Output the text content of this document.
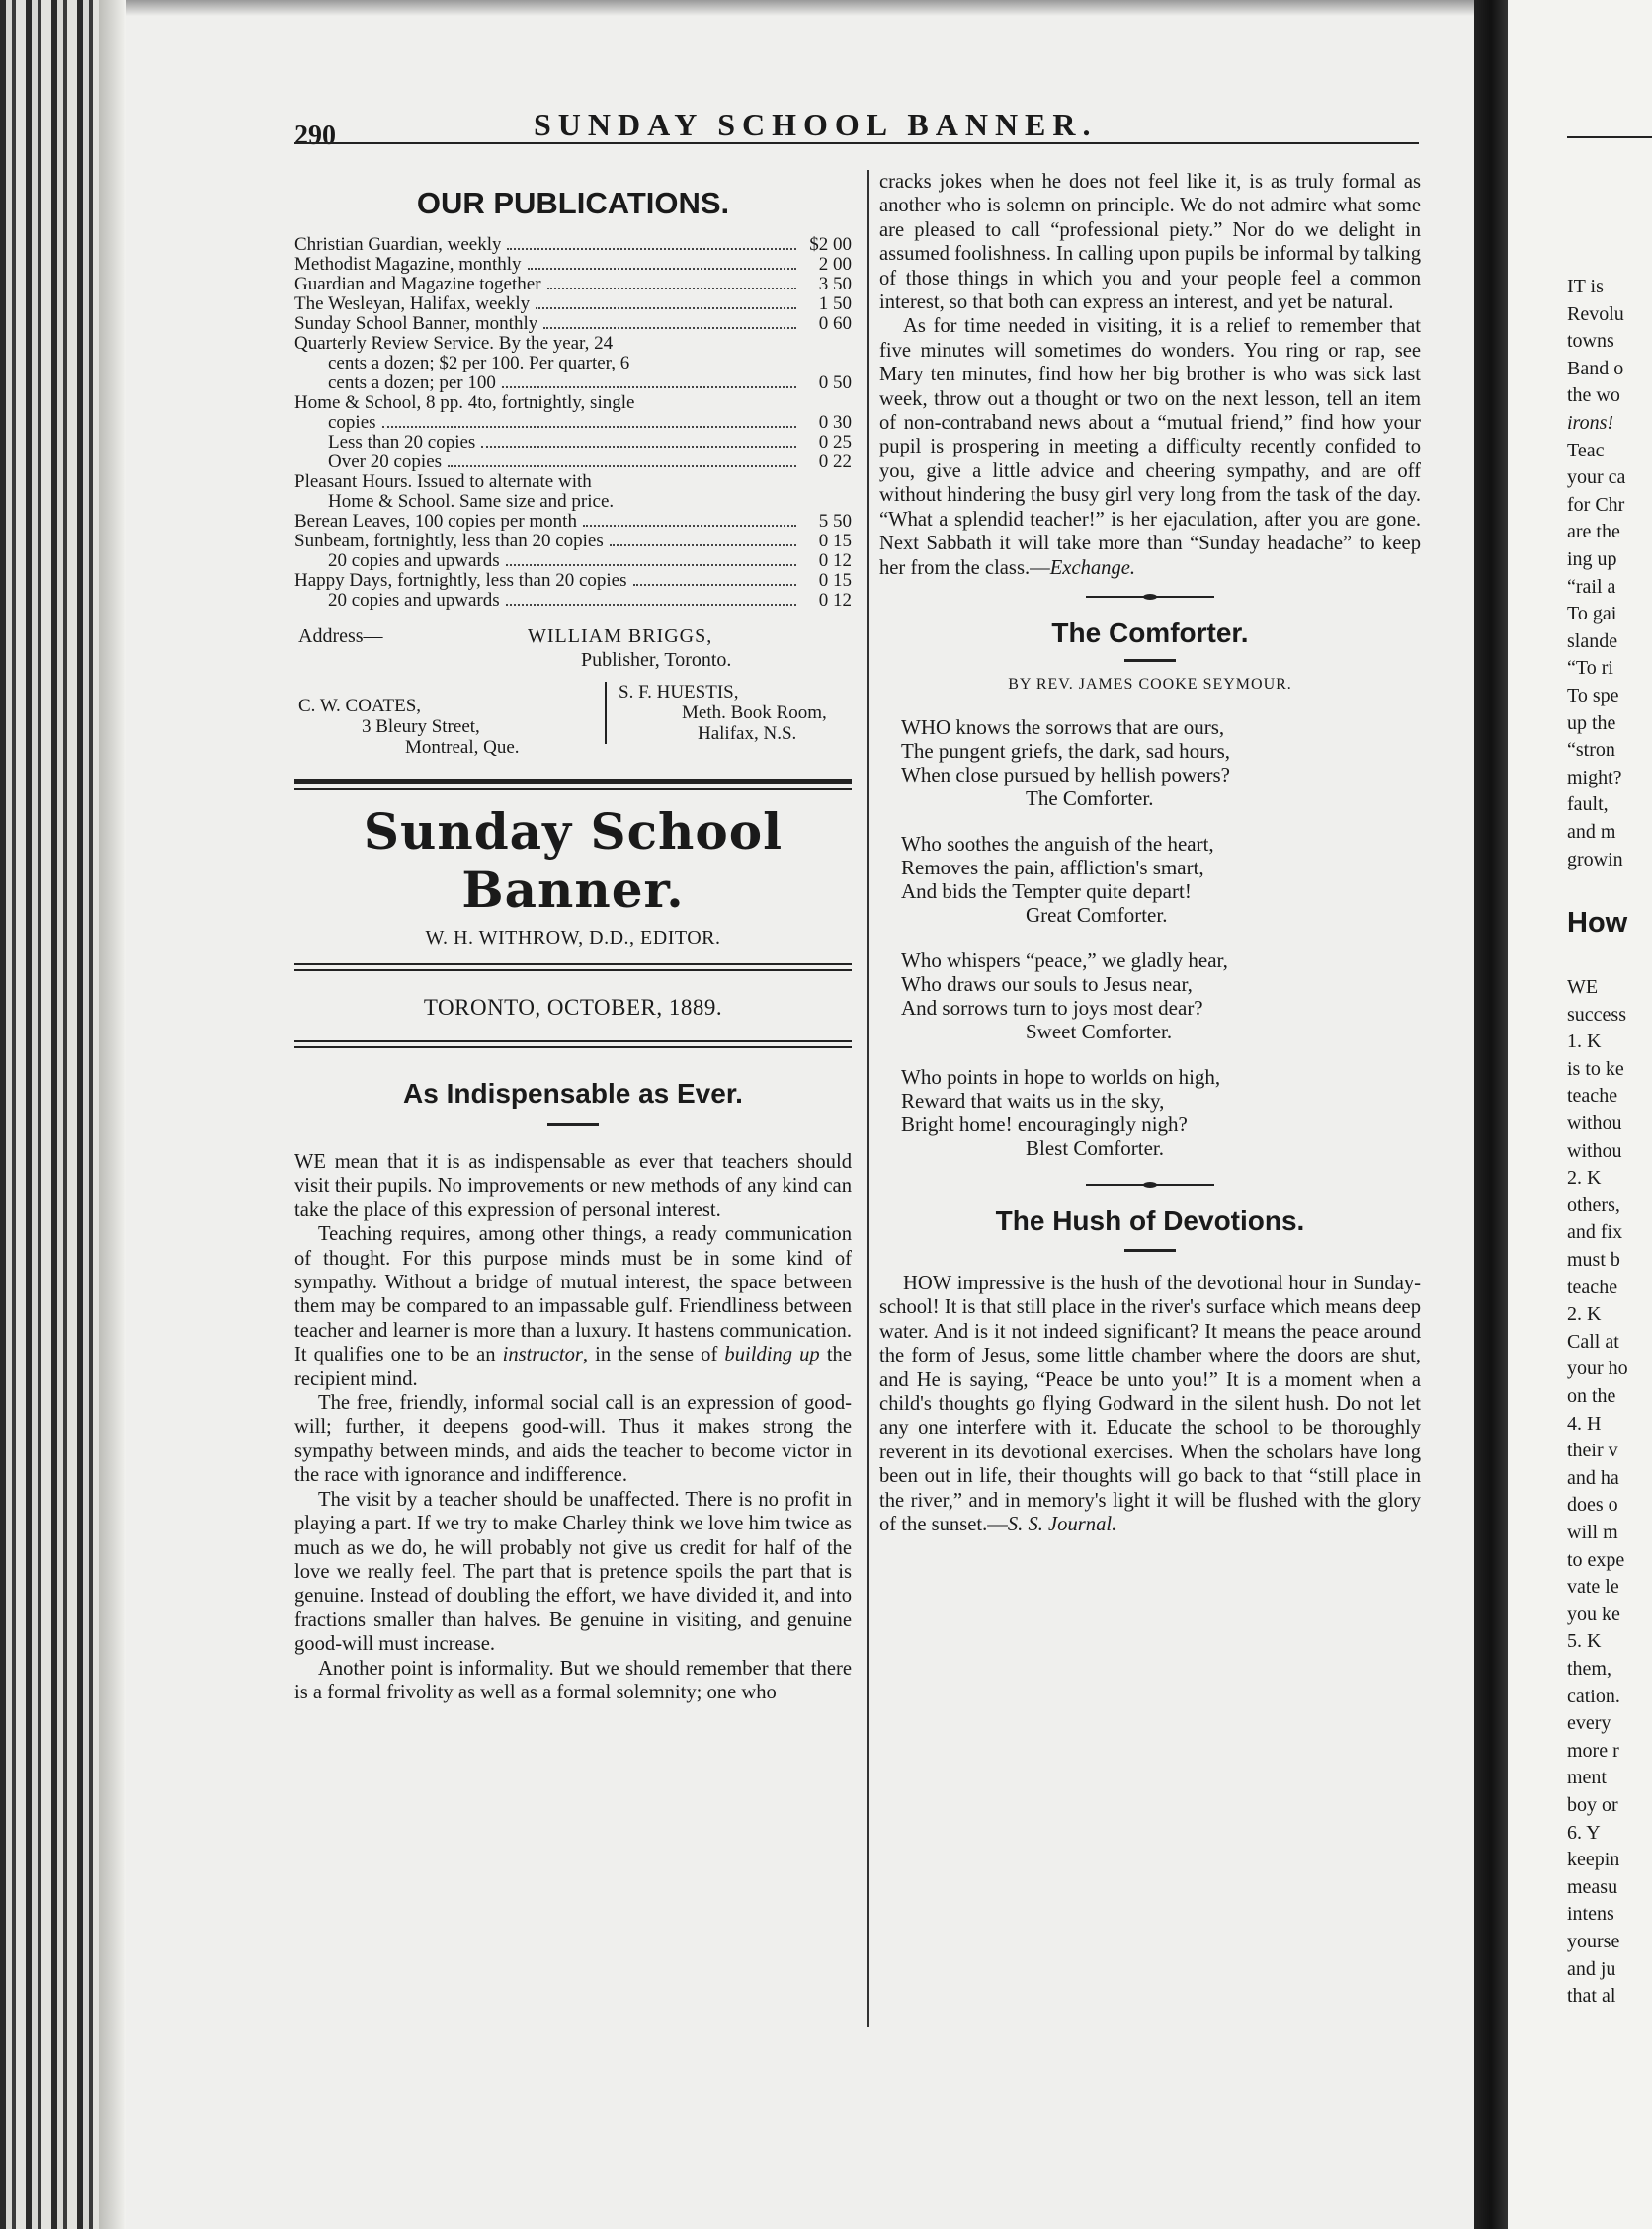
IT is

Revolu

towns

Band o

the wo

irons!

Teac

your ca

for Chr

are the

ing up

“rail a

To gai

slande

“To ri

To spe

up the

“stron

might?

fault,

and m

growin

How

WE

success

1. K

is to ke

teache

withou

withou

2. K

others,

and fix

must b

teache

2. K

Call at

your ho

on the

4. H

their v

and ha

does o

will m

to expe

vate le

you ke

5. K

them,

cation.

every

more r

ment

boy or

6. Y

keepin

measu

intens

yourse

and ju

that al

290	SUNDAY SCHOOL BANNER.
OUR PUBLICATIONS.
Christian Guardian, weekly	$2 00
Methodist Magazine, monthly	2 00
Guardian and Magazine together	3 50
The Wesleyan, Halifax, weekly	1 50
Sunday School Banner, monthly	0 60
Quarterly Review Service. By the year, 24
cents a dozen; $2 per 100. Per quarter, 6
cents a dozen; per 100	0 50
Home & School, 8 pp. 4to, fortnightly, single
copies	0 30
Less than 20 copies	0 25
Over 20 copies	0 22
Pleasant Hours. Issued to alternate with
Home & School. Same size and price.
Berean Leaves, 100 copies per month	5 50
Sunbeam, fortnightly, less than 20 copies	0 15
20 copies and upwards	0 12
Happy Days, fortnightly, less than 20 copies	0 15
20 copies and upwards	0 12
Address—	WILLIAM BRIGGS,
Publisher, Toronto.
C. W. COATES,
3 Bleury Street,
Montreal, Que.
S. F. HUESTIS,
Meth. Book Room,
Halifax, N.S.
Sunday School Banner.
W. H. WITHROW, D.D., EDITOR.
TORONTO, OCTOBER, 1889.
As Indispensable as Ever.

WE mean that it is as indispensable as ever that teachers should visit their pupils. No improvements or new methods of any kind can take the place of this expression of personal interest.

Teaching requires, among other things, a ready communication of thought. For this purpose minds must be in some kind of sympathy. Without a bridge of mutual interest, the space between them may be compared to an impassable gulf. Friendliness between teacher and learner is more than a luxury. It hastens communication. It qualifies one to be an instructor, in the sense of building up the recipient mind.

The free, friendly, informal social call is an expression of good-will; further, it deepens good-will. Thus it makes strong the sympathy between minds, and aids the teacher to become victor in the race with ignorance and indifference.

The visit by a teacher should be unaffected. There is no profit in playing a part. If we try to make Charley think we love him twice as much as we do, he will probably not give us credit for half of the love we really feel. The part that is pretence spoils the part that is genuine. Instead of doubling the effort, we have divided it, and into fractions smaller than halves. Be genuine in visiting, and genuine good-will must increase.

Another point is informality. But we should remember that there is a formal frivolity as well as a formal solemnity; one who

cracks jokes when he does not feel like it, is as truly formal as another who is solemn on principle. We do not admire what some are pleased to call “professional piety.” Nor do we delight in assumed foolishness. In calling upon pupils be informal by talking of those things in which you and your people feel a common interest, so that both can express an interest, and yet be natural.

As for time needed in visiting, it is a relief to remember that five minutes will sometimes do wonders. You ring or rap, see Mary ten minutes, find how her big brother is who was sick last week, throw out a thought or two on the next lesson, tell an item of non-contraband news about a “mutual friend,” find how your pupil is prospering in meeting a difficulty recently confided to you, give a little advice and cheering sympathy, and are off without hindering the busy girl very long from the task of the day. “What a splendid teacher!” is her ejaculation, after you are gone. Next Sabbath it will take more than “Sunday headache” to keep her from the class.—Exchange.

The Comforter.
BY REV. JAMES COOKE SEYMOUR.
WHO knows the sorrows that are ours,
The pungent griefs, the dark, sad hours,
When close pursued by hellish powers?
The Comforter.
Who soothes the anguish of the heart,
Removes the pain, affliction's smart,
And bids the Tempter quite depart!
Great Comforter.
Who whispers “peace,” we gladly hear,
Who draws our souls to Jesus near,
And sorrows turn to joys most dear?
Sweet Comforter.
Who points in hope to worlds on high,
Reward that waits us in the sky,
Bright home! encouragingly nigh?
Blest Comforter.
The Hush of Devotions.

HOW impressive is the hush of the devotional hour in Sunday-school! It is that still place in the river's surface which means deep water. And is it not indeed significant? It means the peace around the form of Jesus, some little chamber where the doors are shut, and He is saying, “Peace be unto you!” It is a moment when a child's thoughts go flying Godward in the silent hush. Do not let any one interfere with it. Educate the school to be thoroughly reverent in its devotional exercises. When the scholars have long been out in life, their thoughts will go back to that “still place in the river,” and in memory's light it will be flushed with the glory of the sunset.—S. S. Journal.
